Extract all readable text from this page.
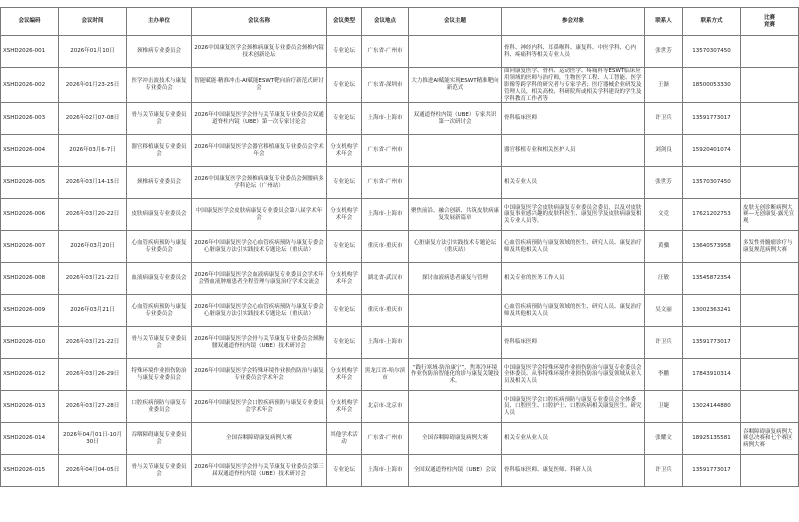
会议编码	会议时间	主办单位	会议名称	会议类型	会议地点	会议主题	参会对象	联系人	联系方式	比赛
竞赛
XSHD2026-001	2026年01月10日	颈椎病专业委员会	2026中国康复医学会颈椎病康复专业委员会颈椎内镜技术创新论坛	专业论坛	广东省-广州市		骨科、神经内科、耳鼻喉科、康复科、中医学科、心内科、疼痛科等相关专业人员	张世芳	13570307450	
XSHD2026-002	2026年01月23-25日	医学冲击波技术与康复专业委员会	智能赋能·精准冲击-AI赋能ESWT靶向治疗新范式研讨会	专业论坛	广东省-深圳市	大力推进AI赋能实现ESWT精准靶向新范式	面向康复医学、骨科、运动医学、疼痛科等ESWT临床应用领域的医师与治疗师，生物医学工程、人工智能、医学影像等跨学科的研究者与专家学者；医疗器械企业研发及管理人员，相关高校、科研院所或相关学科建设的学生及学科教育工作者等	王渐	18500053330	
XSHD2026-003	2026年02月07-08日	骨与关节康复专业委员会	2026年中国康复医学会骨与关节康复专业委员会双通道脊柱内镜（UBE）第一次专家讨论会	专业论坛	上海市-上海市	双通道脊柱内镜（UBE）专家共识第一次研讨会	骨科临床医师	许卫兵	13591773017	
XSHD2026-004	2026年03月6-7日	器官移植康复专业委员会	2026年中国康复医学会器官移植康复专业委员会学术年会	分支机构学术年会	广东省-广州市		器官移植专业和相关医护人员	刘剑良	15920401074	
XSHD2026-005	2026年03月14-15日	颈椎病专业委员会	2026中国康复医学会颈椎病康复专业委员会颈腰病多学科论坛（广州站）	专业论坛	广东省-广州市		相关专业人员	张世芳	13570307450	
XSHD2026-006	2026年03月20-22日	皮肤病康复专业委员会	中国康复医学会皮肤病康复专业委员会第八届学术年会	分支机构学术年会	上海市-上海市	聚焦前沿、融合创新、共筑皮肤病康复发展新篇章	中国康复医学会皮肤病康复专业委员会委员，以及对皮肤康复事业感兴趣的皮肤科医生、康复医学及皮肤病康复相关专业人员等。	文竞	17621202753	皮肤无创诊断病例大赛—无创康复·露光宣观
XSHD2026-007	2026年03月20日	心血管疾病预防与康复专业委员会	2026年中国康复医学会心血管疾病预防与康复专委会心脏康复方法引实践技术专题论坛（重庆站）	专业论坛	重庆市-重庆市	心脏康复方法引实践技术专题论坛（重庆站）	心血管疾病预防与康复领域的医生、研究人员、康复治疗师及其他相关人员	黄骥	13640573958	多发性骨髓瘤诊疗与康复规范病例大赛
XSHD2026-008	2026年03月21-22日	血液病康复专业委员会	2026年中国康复医学会血液病康复专业委员会学术年会暨血液肿瘤患者全程管理与康复治疗学术交流会	分支机构学术年会	湖北省-武汉市	探讨血液病患者康复与管理	相关专业的医务工作人员	汪敏	13545872354	
XSHD2026-009	2026年03月21日	心血管疾病预防与康复专业委员会	2026年中国康复医学会心血管疾病预防与康复专委会心脏康复方法引实践技术专题论坛（重庆站）	专业论坛	重庆市-重庆市		心血管疾病预防与康复领域的医生、研究人员、康复治疗师及其他相关人员	吴文丽	13002363241	
XSHD2026-010	2026年03月21-22日	骨与关节康复专业委员会	2026年中国康复医学会骨与关节康复专业委员会颈胸腰双通道脊柱内镜（UBE）技术研讨会	专业论坛	上海市-上海市		骨科临床医师	许卫兵	13591773017	
XSHD2026-012	2026年03月26-29日	特殊环境作业损伤防治与康复专业委员会	2026年中国康复医学会特殊环境作业损伤防治与康复专业委员会学术年会	分支机构学术年会	黑龙江省-哈尔滨市	“践行寒域·防治康宁”，焦寒冷环境作业伤防治智能化的诊与康复关键技术。	中国康复医学会特殊环境作业损伤防治与康复专业委员会全体委员、从事特殊环境作业损伤防治与康复领域从业人员及相关人员	李鹏	17843910314	
XSHD2026-013	2026年03月27-28日	口腔疾病预防与康复专业委员会	2026年中国康复医学会口腔疾病预防与康复专业委员会学术年会	分支机构学术年会	北京市-北京市		中国康复医学会口腔疾病预防与康复专业委员会全体委员、口腔医生、口腔护士、口腔疾病相关康复医生、研究人员	卫婕	13024144880	
XSHD2026-014	2026年04月01日-10月30日	吞咽障碍康复专业委员会	全国吞咽障碍康复病例大赛	其他学术活动	广东省-广州市	全国吞咽障碍康复病例大赛	相关专业从业人员	张耀文	18925135581	吞咽障碍康复病例大赛总决赛和七个赛区病例大赛
XSHD2026-015	2026年04月04-05日	骨与关节康复专业委员会	2026年中国康复医学会骨与关节康复专业委员会第三届双通道脊柱内镜（UBE）技术研讨会	专业论坛	上海市-上海市	全国双通道脊柱内镜（UBE）会议	骨科临床医师、康复医师、科研人员	许卫兵	13591773017	
